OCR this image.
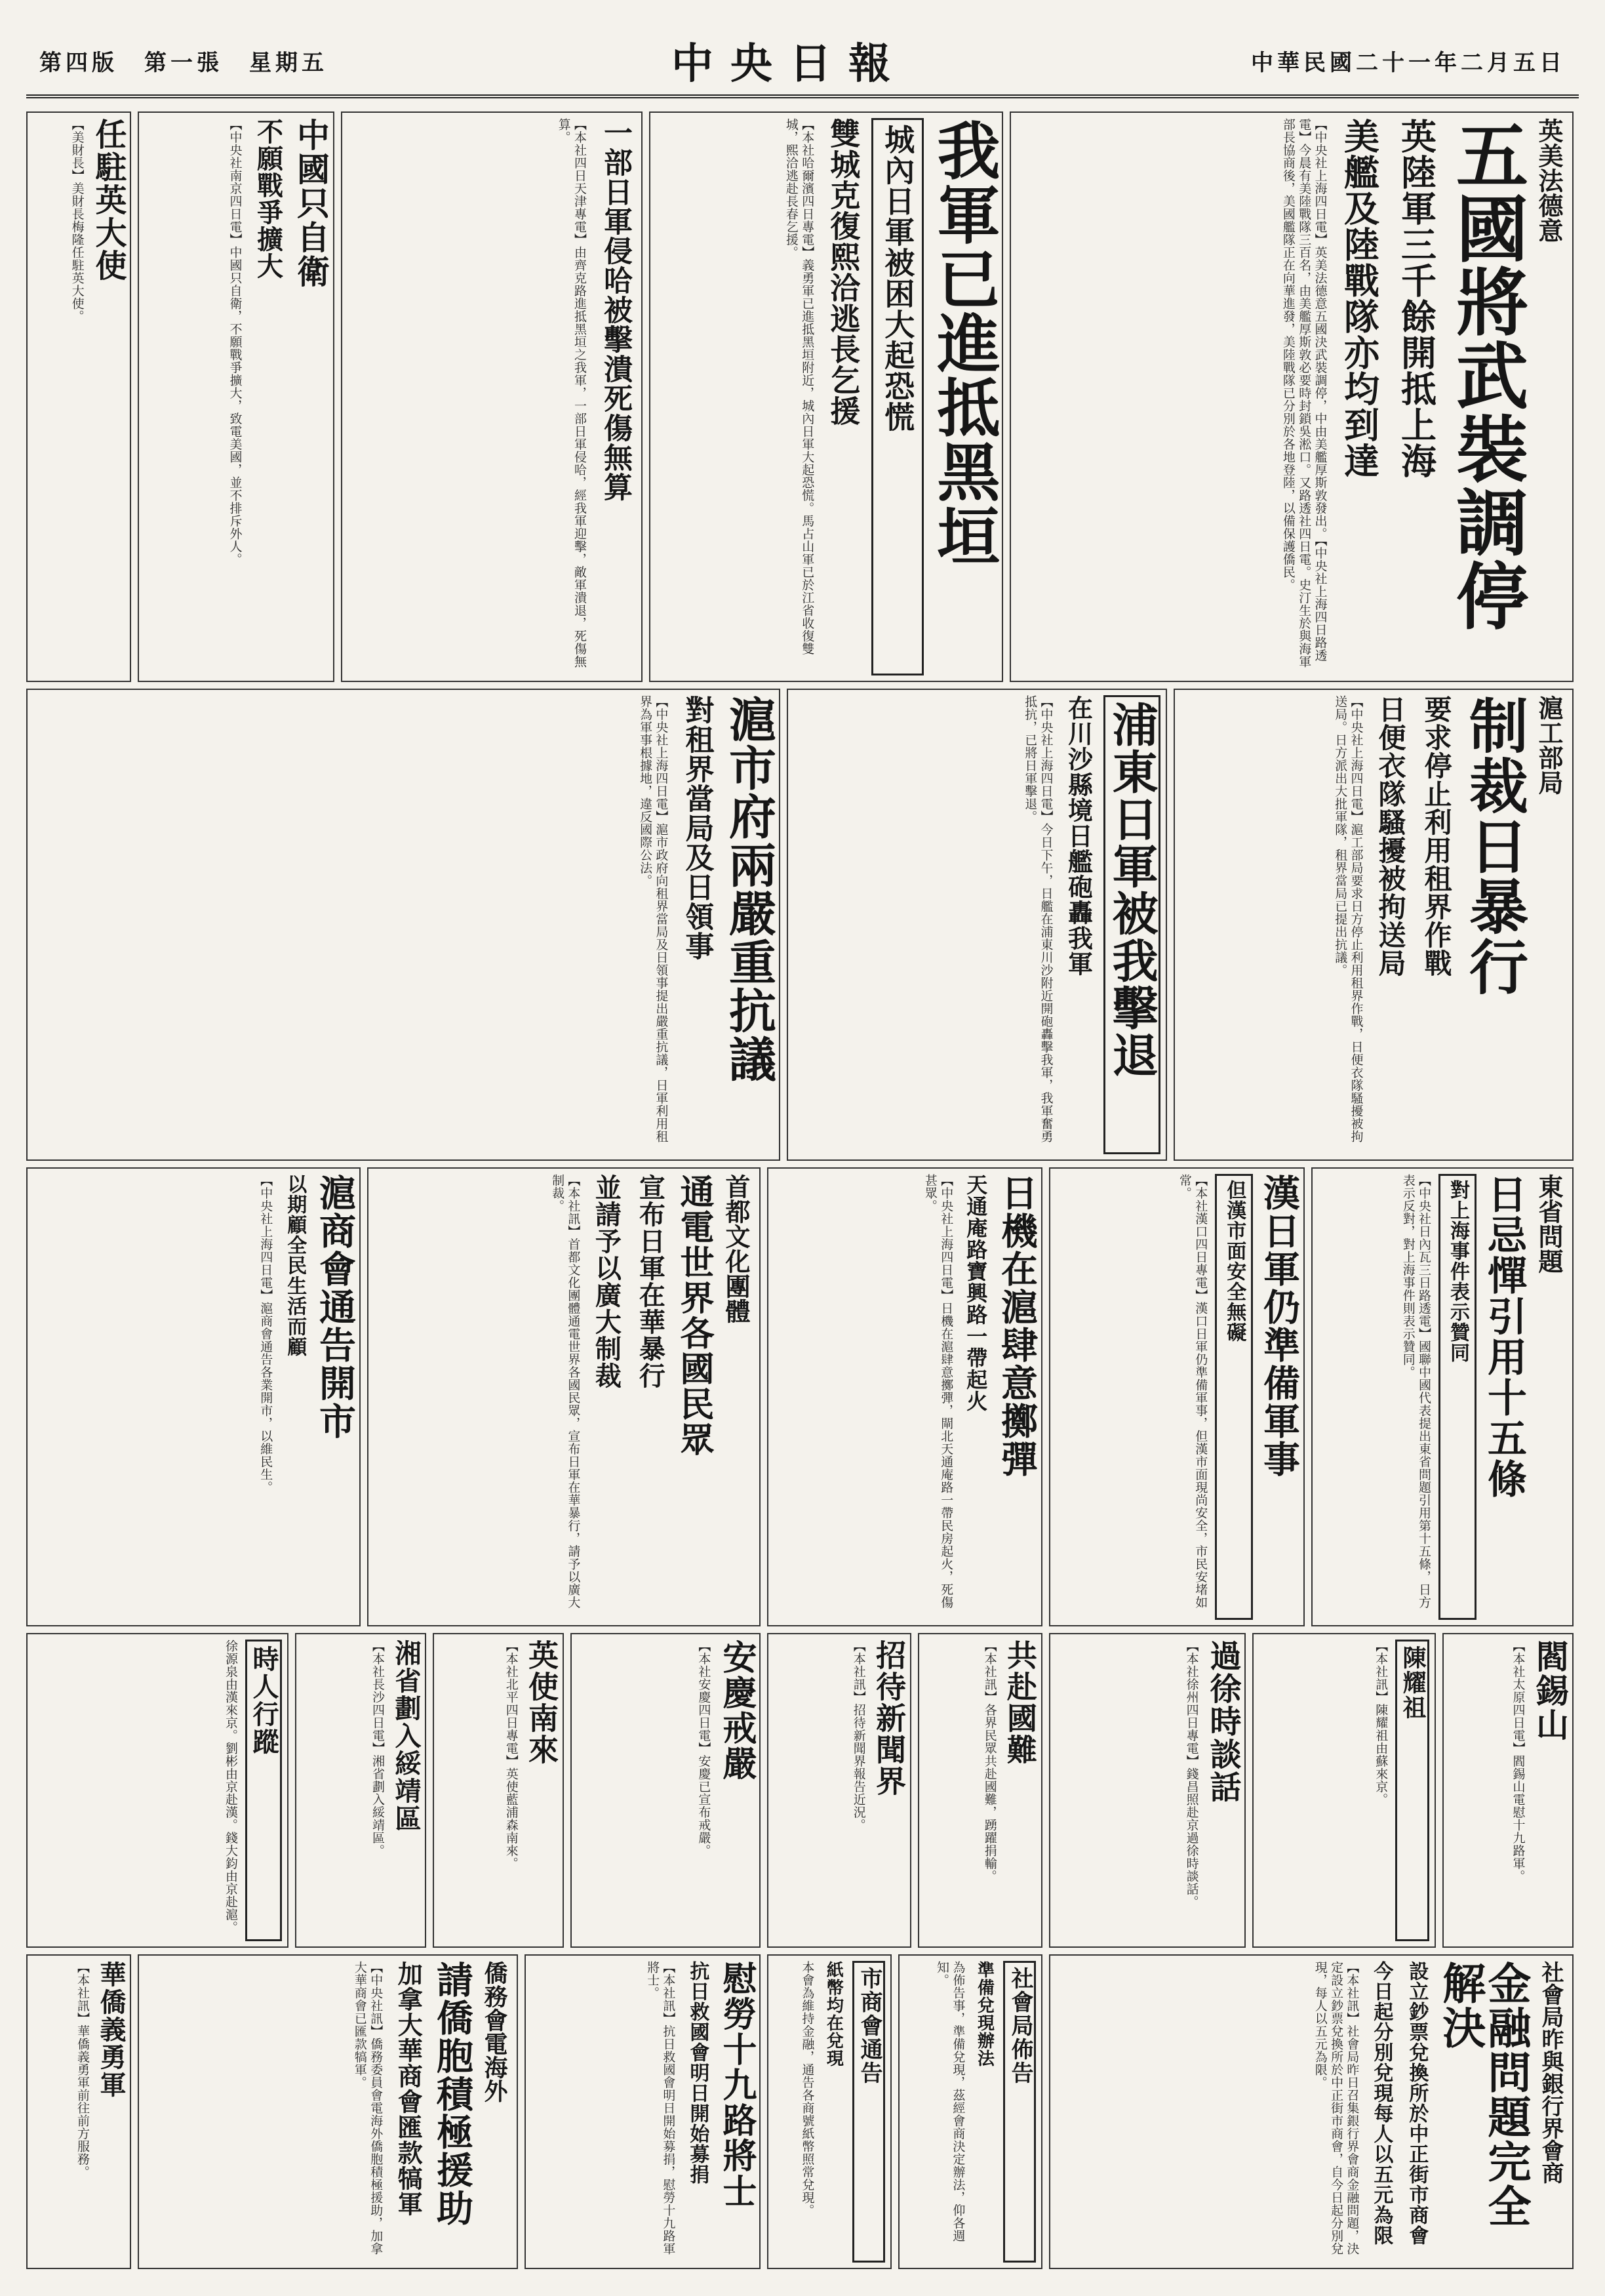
第四版 第一張 星期五	中央日報	中華民國二十一年二月五日
英美法德意
五國將武裝調停
英陸軍三千餘開抵上海
美艦及陸戰隊亦均到達
【中央社上海四日電】英美法德意五國決武裝調停，中由美艦厚斯敦發出。【中央社上海四日路透電】今晨有美陸戰隊三百名，由美艦厚斯敦必要時封鎖吳淞口。又路透社四日電。史汀生於與海軍部長協商後，美國艦隊正在向華進發，美陸戰隊已分別於各地登陸，以備保護僑民。
我軍已進抵黑垣
城內日軍被困大起恐慌
雙城克復熙洽逃長乞援
【本社哈爾濱四日專電】義勇軍已進抵黑垣附近，城內日軍大起恐慌。馬占山軍已於江省收復雙城，熙洽逃赴長春乞援。
一部日軍侵哈被擊潰死傷無算
【本社四日天津專電】由齊克路進抵黑垣之我軍，一部日軍侵哈，經我軍迎擊，敵軍潰退，死傷無算。
中國只自衛
不願戰爭擴大
【中央社南京四日電】中國只自衛，不願戰爭擴大，致電美國，並不排斥外人。
任駐英大使
【美財長】美財長梅隆任駐英大使。
滬工部局
制裁日暴行
要求停止利用租界作戰
日便衣隊騷擾被拘送局
【中央社上海四日電】滬工部局要求日方停止利用租界作戰，日便衣隊騷擾被拘送局。日方派出大批軍隊，租界當局已提出抗議。
浦東日軍被我擊退
在川沙縣境日艦砲轟我軍
【中央社上海四日電】今日下午，日艦在浦東川沙附近開砲轟擊我軍，我軍奮勇抵抗，已將日軍擊退。
滬市府兩嚴重抗議
對租界當局及日領事
【中央社上海四日電】滬市政府向租界當局及日領事提出嚴重抗議，日軍利用租界為軍事根據地，違反國際公法。
東省問題
日忌憚引用十五條
對上海事件表示贊同
【中央社日內瓦三日路透電】國聯中國代表提出東省問題引用第十五條，日方表示反對，對上海事件則表示贊同。
漢日軍仍準備軍事
但漢市面安全無礙
【本社漢口四日專電】漢口日軍仍準備軍事，但漢市面現尚安全，市民安堵如常。
日機在滬肆意擲彈
天通庵路寶興路一帶起火
【中央社上海四日電】日機在滬肆意擲彈，閘北天通庵路一帶民房起火，死傷甚眾。
首都文化團體
通電世界各國民眾
宣布日軍在華暴行
並請予以廣大制裁
【本社訊】首都文化團體通電世界各國民眾，宣布日軍在華暴行，請予以廣大制裁。
滬商會通告開市
以期顧全民生活而顧
【中央社上海四日電】滬商會通告各業開市，以維民生。
閻錫山
【本社太原四日電】閻錫山電慰十九路軍。
陳耀祖
【本社訊】陳耀祖由蘇來京。
過徐時談話
【本社徐州四日專電】錢昌照赴京過徐時談話。
共赴國難
【本社訊】各界民眾共赴國難，踴躍捐輸。
招待新聞界
【本社訊】招待新聞界報告近況。
安慶戒嚴
【本社安慶四日電】安慶已宣布戒嚴。
英使南來
【本社北平四日專電】英使藍浦森南來。
湘省劃入綏靖區
【本社長沙四日電】湘省劃入綏靖區。
時人行蹤
徐源泉由漢來京。劉彬由京赴漢。錢大鈞由京赴滬。
社會局昨與銀行界會商
金融問題完全解決
設立鈔票兌換所於中正街市商會
今日起分別兌現每人以五元為限
【本社訊】社會局昨日召集銀行界會商金融問題，決定設立鈔票兌換所於中正街市商會，自今日起分別兌現，每人以五元為限。
社會局佈告
準備兌現辦法
為佈告事，準備兌現，茲經會商決定辦法，仰各週知。
市商會通告
紙幣均在兌現
本會為維持金融，通告各商號紙幣照常兌現。
慰勞十九路將士
抗日救國會明日開始募捐
【本社訊】抗日救國會明日開始募捐，慰勞十九路軍將士。
僑務會電海外
請僑胞積極援助
加拿大華商會匯款犒軍
【中央社訊】僑務委員會電海外僑胞積極援助，加拿大華商會已匯款犒軍。
華僑義勇軍
【本社訊】華僑義勇軍前往前方服務。
